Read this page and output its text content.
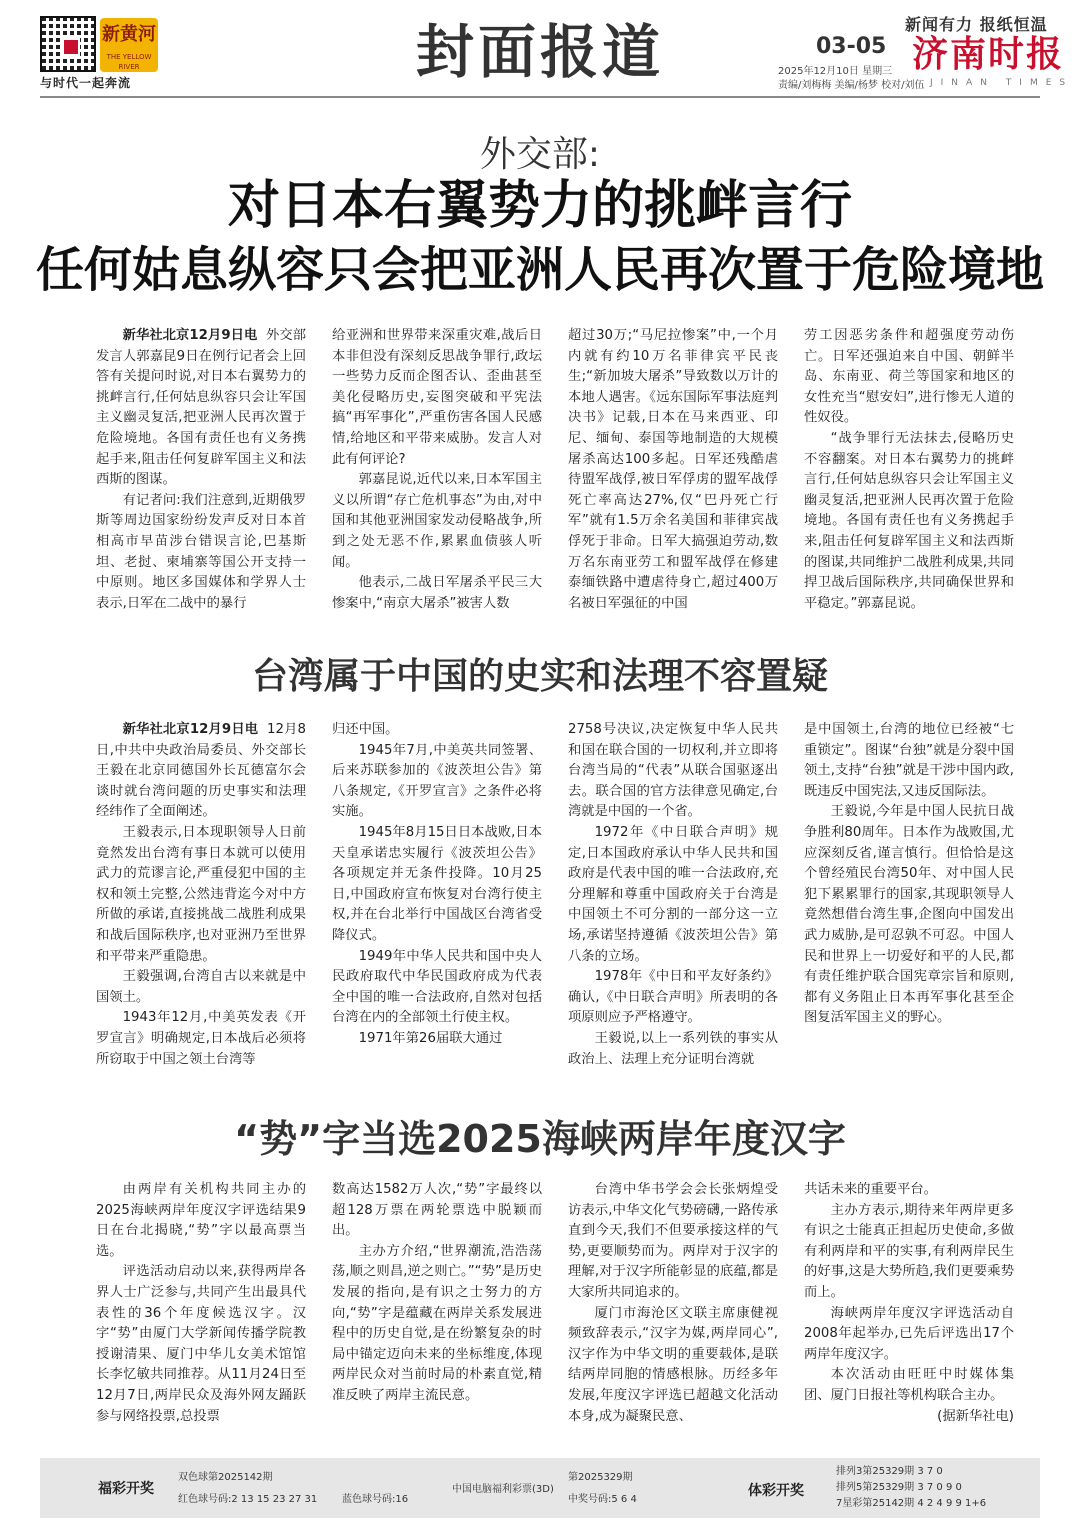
新黄河
THE YELLOW RIVER
与时代一起奔流	封面报道	03-05
2025年12月10日 星期三
责编/刘梅梅 美编/杨梦 校对/刘伍
新闻有力 报纸恒温
济南时报
JINAN TIMES
外交部:
对日本右翼势力的挑衅言行
任何姑息纵容只会把亚洲人民再次置于危险境地

新华社北京12月9日电 外交部发言人郭嘉昆9日在例行记者会上回答有关提问时说,对日本右翼势力的挑衅言行,任何姑息纵容只会让军国主义幽灵复活,把亚洲人民再次置于危险境地。各国有责任也有义务携起手来,阻击任何复辟军国主义和法西斯的图谋。

有记者问:我们注意到,近期俄罗斯等周边国家纷纷发声反对日本首相高市早苗涉台错误言论,巴基斯坦、老挝、柬埔寨等国公开支持一中原则。地区多国媒体和学界人士表示,日军在二战中的暴行

给亚洲和世界带来深重灾难,战后日本非但没有深刻反思战争罪行,政坛一些势力反而企图否认、歪曲甚至美化侵略历史,妄图突破和平宪法搞“再军事化”,严重伤害各国人民感情,给地区和平带来威胁。发言人对此有何评论?

郭嘉昆说,近代以来,日本军国主义以所谓“存亡危机事态”为由,对中国和其他亚洲国家发动侵略战争,所到之处无恶不作,累累血债骇人听闻。

他表示,二战日军屠杀平民三大惨案中,“南京大屠杀”被害人数

超过30万;“马尼拉惨案”中,一个月内就有约10万名菲律宾平民丧生;“新加坡大屠杀”导致数以万计的本地人遇害。《远东国际军事法庭判决书》记载,日本在马来西亚、印尼、缅甸、泰国等地制造的大规模屠杀高达100多起。日军还残酷虐待盟军战俘,被日军俘虏的盟军战俘死亡率高达27%,仅“巴丹死亡行军”就有1.5万余名美国和菲律宾战俘死于非命。日军大搞强迫劳动,数万名东南亚劳工和盟军战俘在修建泰缅铁路中遭虐待身亡,超过400万名被日军强征的中国

劳工因恶劣条件和超强度劳动伤亡。日军还强迫来自中国、朝鲜半岛、东南亚、荷兰等国家和地区的女性充当“慰安妇”,进行惨无人道的性奴役。

“战争罪行无法抹去,侵略历史不容翻案。对日本右翼势力的挑衅言行,任何姑息纵容只会让军国主义幽灵复活,把亚洲人民再次置于危险境地。各国有责任也有义务携起手来,阻击任何复辟军国主义和法西斯的图谋,共同维护二战胜利成果,共同捍卫战后国际秩序,共同确保世界和平稳定。”郭嘉昆说。

台湾属于中国的史实和法理不容置疑

新华社北京12月9日电 12月8日,中共中央政治局委员、外交部长王毅在北京同德国外长瓦德富尔会谈时就台湾问题的历史事实和法理经纬作了全面阐述。

王毅表示,日本现职领导人日前竟然发出台湾有事日本就可以使用武力的荒谬言论,严重侵犯中国的主权和领土完整,公然违背迄今对中方所做的承诺,直接挑战二战胜利成果和战后国际秩序,也对亚洲乃至世界和平带来严重隐患。

王毅强调,台湾自古以来就是中国领土。

1943年12月,中美英发表《开罗宣言》明确规定,日本战后必须将所窃取于中国之领土台湾等

归还中国。

1945年7月,中美英共同签署、后来苏联参加的《波茨坦公告》第八条规定,《开罗宣言》之条件必将实施。

1945年8月15日日本战败,日本天皇承诺忠实履行《波茨坦公告》各项规定并无条件投降。10月25日,中国政府宣布恢复对台湾行使主权,并在台北举行中国战区台湾省受降仪式。

1949年中华人民共和国中央人民政府取代中华民国政府成为代表全中国的唯一合法政府,自然对包括台湾在内的全部领土行使主权。

1971年第26届联大通过

2758号决议,决定恢复中华人民共和国在联合国的一切权利,并立即将台湾当局的“代表”从联合国驱逐出去。联合国的官方法律意见确定,台湾就是中国的一个省。

1972年《中日联合声明》规定,日本国政府承认中华人民共和国政府是代表中国的唯一合法政府,充分理解和尊重中国政府关于台湾是中国领土不可分割的一部分这一立场,承诺坚持遵循《波茨坦公告》第八条的立场。

1978年《中日和平友好条约》确认,《中日联合声明》所表明的各项原则应予严格遵守。

王毅说,以上一系列铁的事实从政治上、法理上充分证明台湾就

是中国领土,台湾的地位已经被“七重锁定”。图谋“台独”就是分裂中国领土,支持“台独”就是干涉中国内政,既违反中国宪法,又违反国际法。

王毅说,今年是中国人民抗日战争胜利80周年。日本作为战败国,尤应深刻反省,谨言慎行。但恰恰是这个曾经殖民台湾50年、对中国人民犯下累累罪行的国家,其现职领导人竟然想借台湾生事,企图向中国发出武力威胁,是可忍孰不可忍。中国人民和世界上一切爱好和平的人民,都有责任维护联合国宪章宗旨和原则,都有义务阻止日本再军事化甚至企图复活军国主义的野心。

“势”字当选2025海峡两岸年度汉字

由两岸有关机构共同主办的2025海峡两岸年度汉字评选结果9日在台北揭晓,“势”字以最高票当选。

评选活动启动以来,获得两岸各界人士广泛参与,共同产生出最具代表性的36个年度候选汉字。汉字“势”由厦门大学新闻传播学院教授谢清果、厦门中华儿女美术馆馆长李忆敏共同推荐。从11月24日至12月7日,两岸民众及海外网友踊跃参与网络投票,总投票

数高达1582万人次,“势”字最终以超128万票在两轮票选中脱颖而出。

主办方介绍,“世界潮流,浩浩荡荡,顺之则昌,逆之则亡。”“势”是历史发展的指向,是有识之士努力的方向,“势”字是蕴藏在两岸关系发展进程中的历史自觉,是在纷繁复杂的时局中锚定迈向未来的坐标维度,体现两岸民众对当前时局的朴素直觉,精准反映了两岸主流民意。

台湾中华书学会会长张炳煌受访表示,中华文化气势磅礴,一路传承直到今天,我们不但要承接这样的气势,更要顺势而为。两岸对于汉字的理解,对于汉字所能彰显的底蕴,都是大家所共同追求的。

厦门市海沧区文联主席康健视频致辞表示,“汉字为媒,两岸同心”,汉字作为中华文明的重要载体,是联结两岸同胞的情感根脉。历经多年发展,年度汉字评选已超越文化活动本身,成为凝聚民意、

共话未来的重要平台。

主办方表示,期待来年两岸更多有识之士能真正担起历史使命,多做有利两岸和平的实事,有利两岸民生的好事,这是大势所趋,我们更要乘势而上。

海峡两岸年度汉字评选活动自2008年起举办,已先后评选出17个两岸年度汉字。

本次活动由旺旺中时媒体集团、厦门日报社等机构联合主办。

(据新华社电)

福彩开奖
双色球第2025142期
红色球号码:2 13 15 23 27 31 蓝色球号码:16
中国电脑福利彩票(3D)
第2025329期
中奖号码:5 6 4
体彩开奖
排列3第25329期 3 7 0
排列5第25329期 3 7 0 9 0
7星彩第25142期 4 2 4 9 9 1+6
